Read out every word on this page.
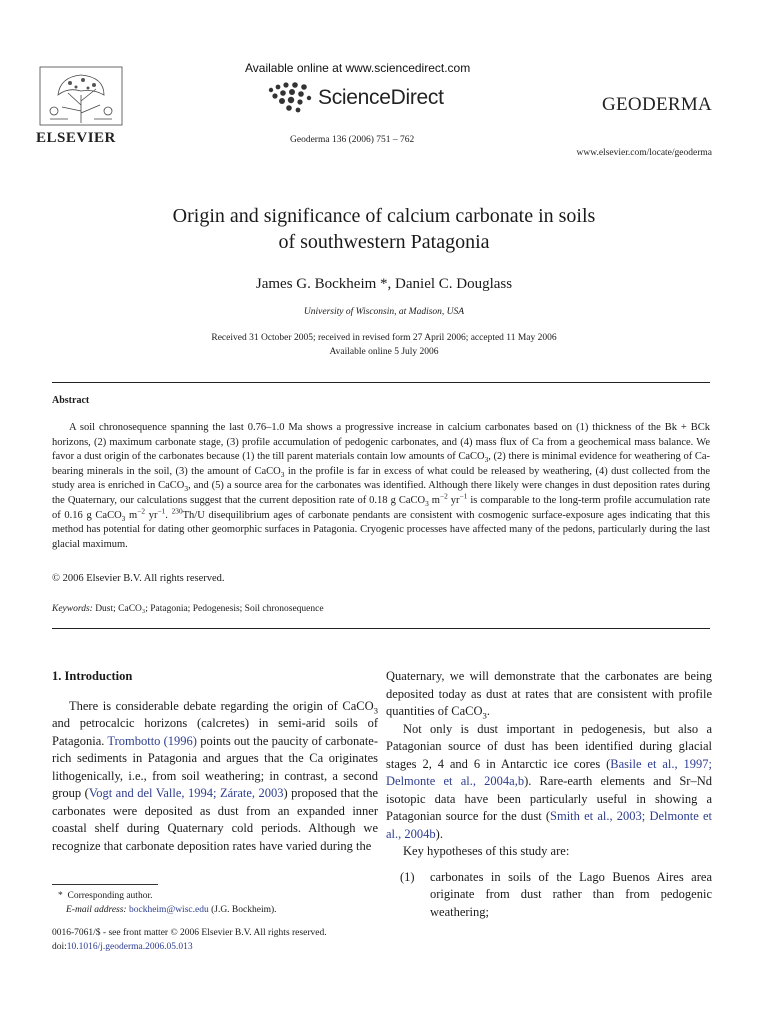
Available online at www.sciencedirect.com
ScienceDirect
ELSEVIER
GEODERMA
Geoderma 136 (2006) 751 – 762
www.elsevier.com/locate/geoderma
Origin and significance of calcium carbonate in soils
of southwestern Patagonia
James G. Bockheim *, Daniel C. Douglass
University of Wisconsin, at Madison, USA
Received 31 October 2005; received in revised form 27 April 2006; accepted 11 May 2006
Available online 5 July 2006
Abstract
A soil chronosequence spanning the last 0.76–1.0 Ma shows a progressive increase in calcium carbonates based on (1) thickness of the Bk + BCk horizons, (2) maximum carbonate stage, (3) profile accumulation of pedogenic carbonates, and (4) mass flux of Ca from a geochemical mass balance. We favor a dust origin of the carbonates because (1) the till parent materials contain low amounts of CaCO$_3$, (2) there is minimal evidence for weathering of Ca-bearing minerals in the soil, (3) the amount of CaCO$_3$ in the profile is far in excess of what could be released by weathering, (4) dust collected from the study area is enriched in CaCO$_3$, and (5) a source area for the carbonates was identified. Although there likely were changes in dust deposition rates during the Quaternary, our calculations suggest that the current deposition rate of 0.18 g CaCO$_3$ $m^{-2}$ $yr^{-1}$ is comparable to the long-term profile accumulation rate of 0.16 g CaCO$_3$ $m^{-2}$ $yr^{-1}$. $^{230}$Th/U disequilibrium ages of carbonate pendants are consistent with cosmogenic surface-exposure ages indicating that this method has potential for dating other geomorphic surfaces in Patagonia. Cryogenic processes have affected many of the pedons, particularly during the last glacial maximum.
© 2006 Elsevier B.V. All rights reserved.
Keywords: Dust; CaCO₃; Patagonia; Pedogenesis; Soil chronosequence
1. Introduction

There is considerable debate regarding the origin of CaCO$_3$ and petrocalcic horizons (calcretes) in semi-arid soils of Patagonia. Trombotto (1996) points out the paucity of carbonate-rich sediments in Patagonia and argues that the Ca originates lithogenically, i.e., from soil weathering; in contrast, a second group (Vogt and del Valle, 1994; Zárate, 2003) proposed that the carbonates were deposited as dust from an expanded inner coastal shelf during Quaternary cold periods. Although we recognize that carbonate deposition rates have varied during the

Quaternary, we will demonstrate that the carbonates are being deposited today as dust at rates that are consistent with profile quantities of CaCO$_3$.

Not only is dust important in pedogenesis, but also a Patagonian source of dust has been identified during glacial stages 2, 4 and 6 in Antarctic ice cores (Basile et al., 1997; Delmonte et al., 2004a,b). Rare-earth elements and Sr–Nd isotopic data have been particularly useful in showing a Patagonian source for the dust (Smith et al., 2003; Delmonte et al., 2004b).

Key hypotheses of this study are:

(1)	carbonates in soils of the Lago Buenos Aires area originate from dust rather than from pedogenic weathering;
* Corresponding author.
E-mail address: bockheim@wisc.edu (J.G. Bockheim).
0016-7061/$ - see front matter © 2006 Elsevier B.V. All rights reserved.
doi:10.1016/j.geoderma.2006.05.013
